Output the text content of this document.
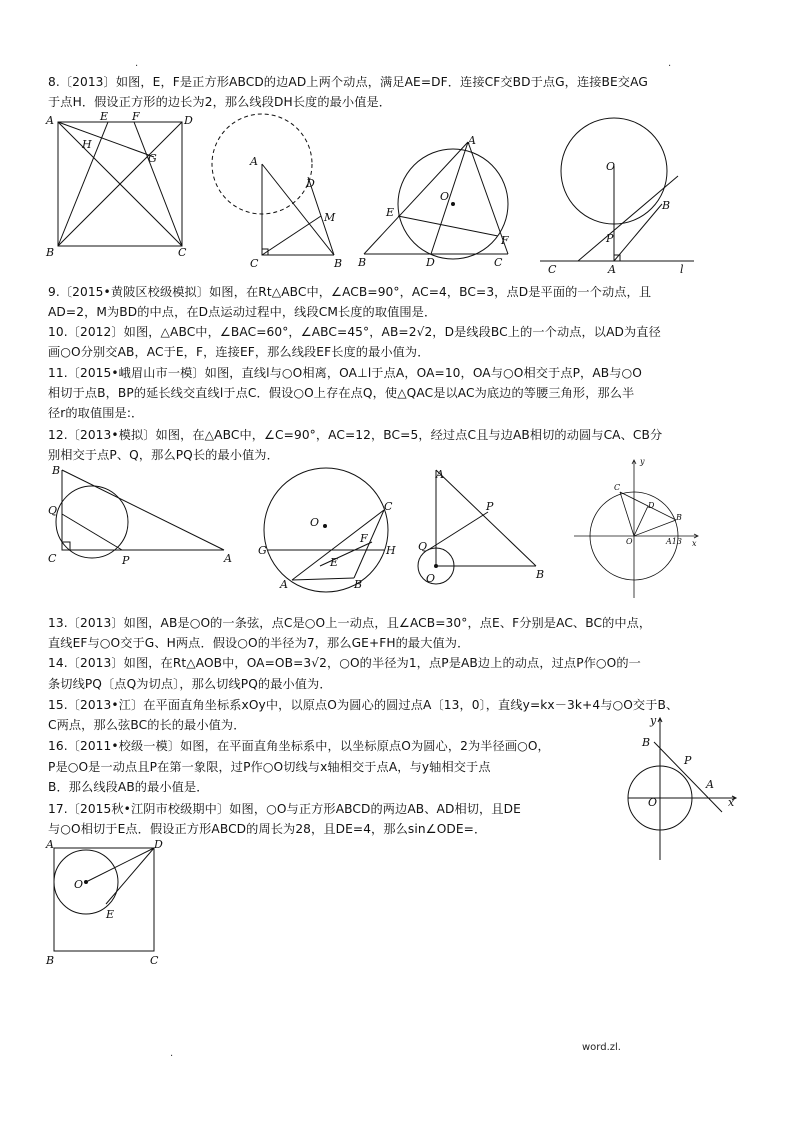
.	.
8.〔2013〕如图，E，F是正方形ABCD的边AD上两个动点，满足AE=DF．连接CF交BD于点G，连接BE交AG
于点H．假设正方形的边长为2，那么线段DH长度的最小值是．
A	E F	D
H
G
B	C
A
D
M
C	B
A
O
E
F
B	D	C
O
B
P
C	A	l
9.〔2015•黄陂区校级模拟〕如图，在Rt△ABC中，∠ACB=90°，AC=4，BC=3，点D是平面的一个动点，且
AD=2，M为BD的中点，在D点运动过程中，线段CM长度的取值围是．
10.〔2012〕如图，△ABC中，∠BAC=60°，∠ABC=45°，AB=2√2，D是线段BC上的一个动点，以AD为直径
画○O分别交AB，AC于E，F，连接EF，那么线段EF长度的最小值为．
11.〔2015•峨眉山市一模〕如图，直线l与○O相离，OA⊥l于点A，OA=10，OA与○O相交于点P，AB与○O
相切于点B，BP的延长线交直线l于点C．假设○O上存在点Q，使△QAC是以AC为底边的等腰三角形，那么半
径r的取值围是:．
12.〔2013•模拟〕如图，在△ABC中，∠C=90°，AC=12，BC=5，经过点C且与边AB相切的动圆与CA、CB分
别相交于点P、Q，那么PQ长的最小值为．
B
Q
C	P	A
O
C
F
G	H
E
A	B
A
P
Q
O	B
y
C
D
B
O	A13 x
13.〔2013〕如图，AB是○O的一条弦，点C是○O上一动点，且∠ACB=30°，点E、F分别是AC、BC的中点，
直线EF与○O交于G、H两点．假设○O的半径为7，那么GE+FH的最大值为．
14.〔2013〕如图，在Rt△AOB中，OA=OB=3√2，○O的半径为1，点P是AB边上的动点，过点P作○O的一
条切线PQ〔点Q为切点〕，那么切线PQ的最小值为．
15.〔2013•江〕在平面直角坐标系xOy中，以原点O为圆心的圆过点A〔13，0〕，直线y=kx－3k+4与○O交于B、
C两点，那么弦BC的长的最小值为．
16.〔2011•校级一模〕如图，在平面直角坐标系中，以坐标原点O为圆心，2为半径画○O，
P是○O是一动点且P在第一象限，过P作○O切线与x轴相交于点A，与y轴相交于点
B．那么线段AB的最小值是．
17.〔2015秋•江阴市校级期中〕如图，○O与正方形ABCD的两边AB、AD相切，且DE
与○O相切于E点．假设正方形ABCD的周长为28，且DE=4，那么sin∠ODE=．
y
B
P
A
O	x
A	D
O
E
B	C
.
word.zl.
